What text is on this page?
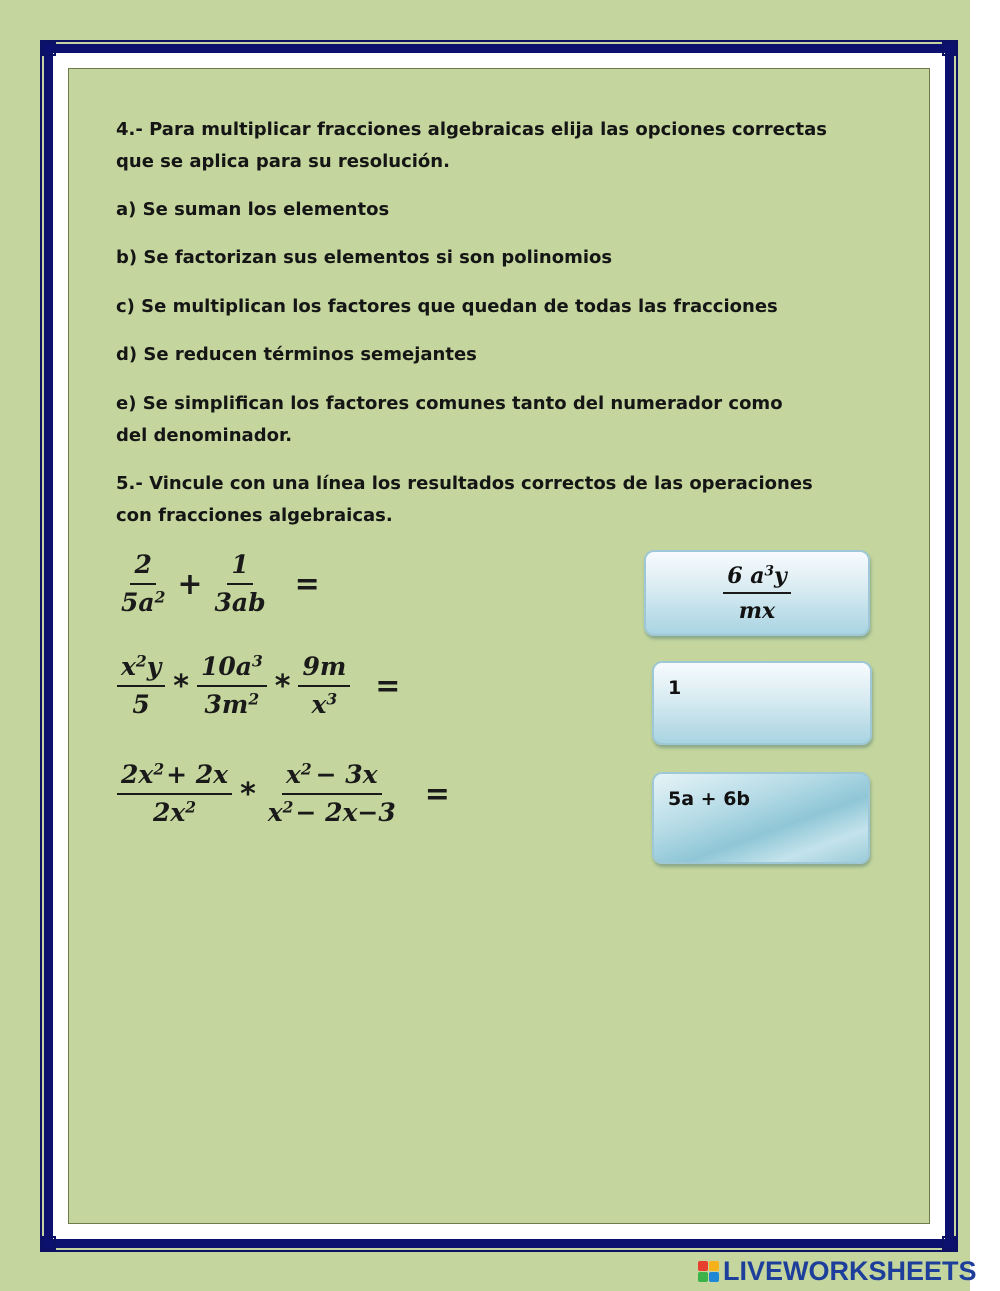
4.- Para multiplicar fracciones algebraicas elija las opciones correctas que se aplica para su resolución.

a) Se suman los elementos

b) Se factorizan sus elementos si son polinomios

c) Se multiplican los factores que quedan de todas las fracciones

d) Se reducen términos semejantes

e) Se simplifican los factores comunes tanto del numerador como del denominador.

5.- Vincule con una línea los resultados correctos de las operaciones con fracciones algebraicas.

$\frac{2}{5a^2} + \frac{1}{3ab}$ =
$\frac{x^2y}{5} * \frac{10a^3}{3m^2} * \frac{9m}{x^3}$ =
$\frac{2x^2+ 2x}{2x^2} * \frac{x^2 - 3x}{x^2- 2x-3}$ =
$\frac{6 a^3y}{mx}$
1
5a + 6b
LIVEWORKSHEETS
